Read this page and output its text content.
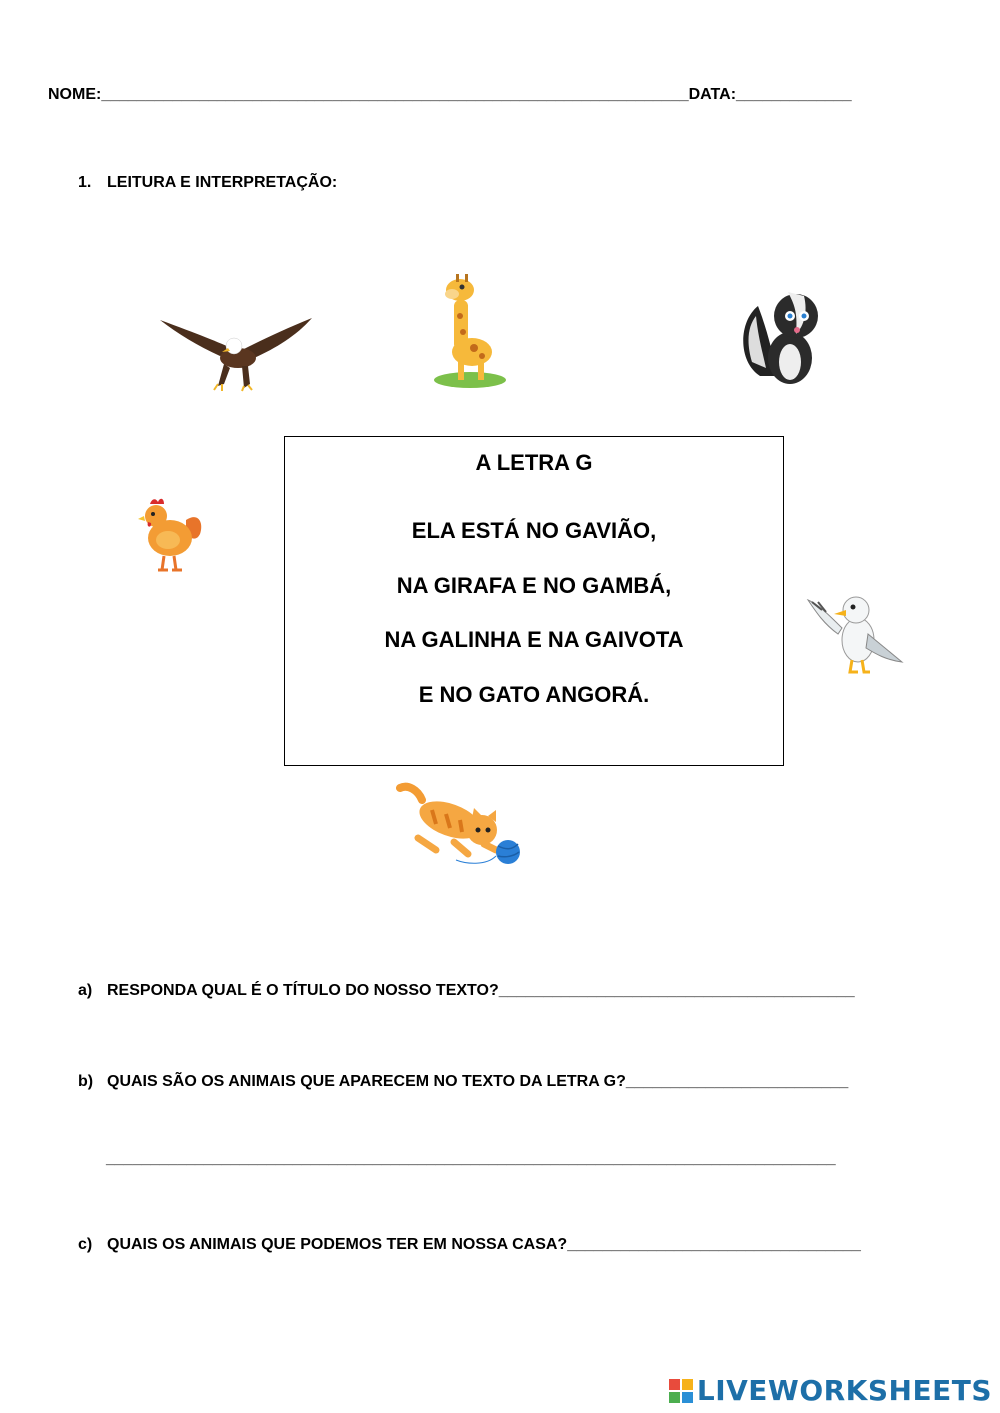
NOME:__________________________________________________________________DATA:_____________
1. LEITURA E INTERPRETAÇÃO:
A LETRA G
ELA ESTÁ NO GAVIÃO,
NA GIRAFA E NO GAMBÁ,
NA GALINHA E NA GAIVOTA
E NO GATO ANGORÁ.
a) RESPONDA QUAL É O TÍTULO DO NOSSO TEXTO?________________________________________
b) QUAIS SÃO OS ANIMAIS QUE APARECEM NO TEXTO DA LETRA G?_________________________
__________________________________________________________________________________
c) QUAIS OS ANIMAIS QUE PODEMOS TER EM NOSSA CASA?_________________________________
LIVEWORKSHEETS
